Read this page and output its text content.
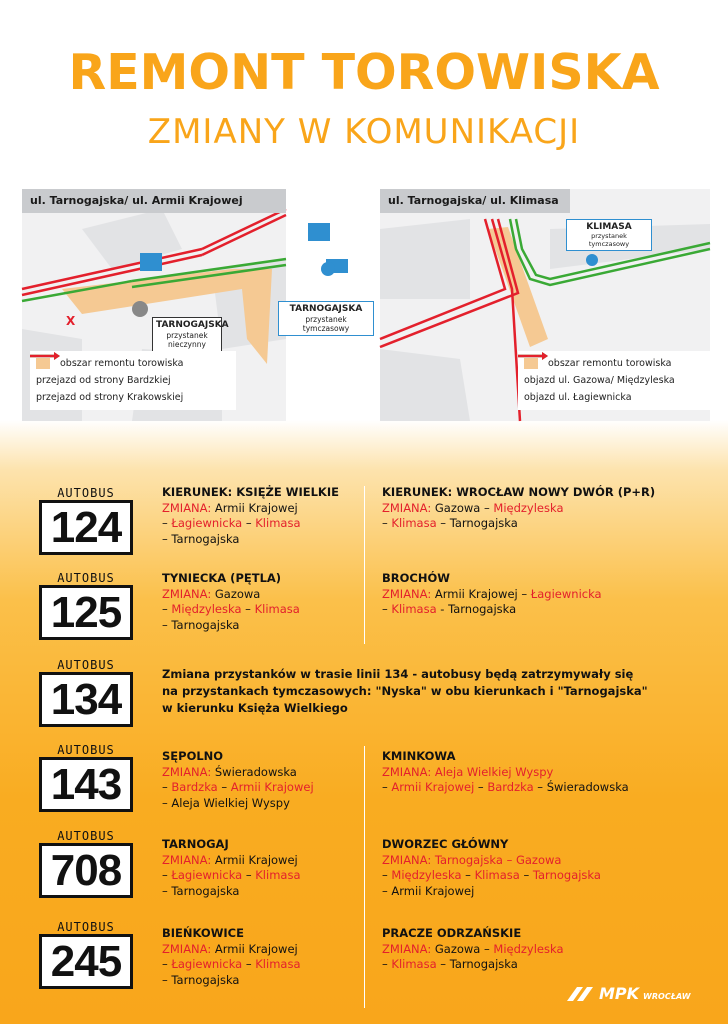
REMONT TOROWISKA
ZMIANY W KOMUNIKACJI
X
ul. Tarnogajska/ ul. Armii Krajowej
TARNOGAJSKA
przystanek nieczynny
TARNOGAJSKA
przystanek tymczasowy
obszar remontu torowiska
przejazd od strony Bardzkiej
przejazd od strony Krakowskiej
ul. Tarnogajska/ ul. Klimasa
KLIMASA
przystanek tymczasowy
obszar remontu torowiska
objazd ul. Gazowa/ Międzyleska
objazd ul. Łagiewnicka
AUTOBUS
124
KIERUNEK: KSIĘŻE WIELKIE
ZMIANA: Armii Krajowej
– Łagiewnicka – Klimasa
– Tarnogajska
KIERUNEK: WROCŁAW NOWY DWÓR (P+R)
ZMIANA: Gazowa – Międzyleska
– Klimasa – Tarnogajska
AUTOBUS
125
TYNIECKA (PĘTLA)
ZMIANA: Gazowa
– Międzyleska – Klimasa
– Tarnogajska
BROCHÓW
ZMIANA: Armii Krajowej – Łagiewnicka
– Klimasa - Tarnogajska
AUTOBUS
134
Zmiana przystanków w trasie linii 134 - autobusy będą zatrzymywały się
na przystankach tymczasowych: "Nyska" w obu kierunkach i "Tarnogajska"
w kierunku Księża Wielkiego
AUTOBUS
143
SĘPOLNO
ZMIANA: Świeradowska
– Bardzka – Armii Krajowej
– Aleja Wielkiej Wyspy
KMINKOWA
ZMIANA: Aleja Wielkiej Wyspy
– Armii Krajowej – Bardzka – Świeradowska
AUTOBUS
708
TARNOGAJ
ZMIANA: Armii Krajowej
– Łagiewnicka – Klimasa
– Tarnogajska
DWORZEC GŁÓWNY
ZMIANA: Tarnogajska – Gazowa
– Międzyleska – Klimasa – Tarnogajska
– Armii Krajowej
AUTOBUS
245
BIEŃKOWICE
ZMIANA: Armii Krajowej
– Łagiewnicka – Klimasa
– Tarnogajska
PRACZE ODRZAŃSKIE
ZMIANA: Gazowa – Międzyleska
– Klimasa – Tarnogajska
MPK WROCŁAW
